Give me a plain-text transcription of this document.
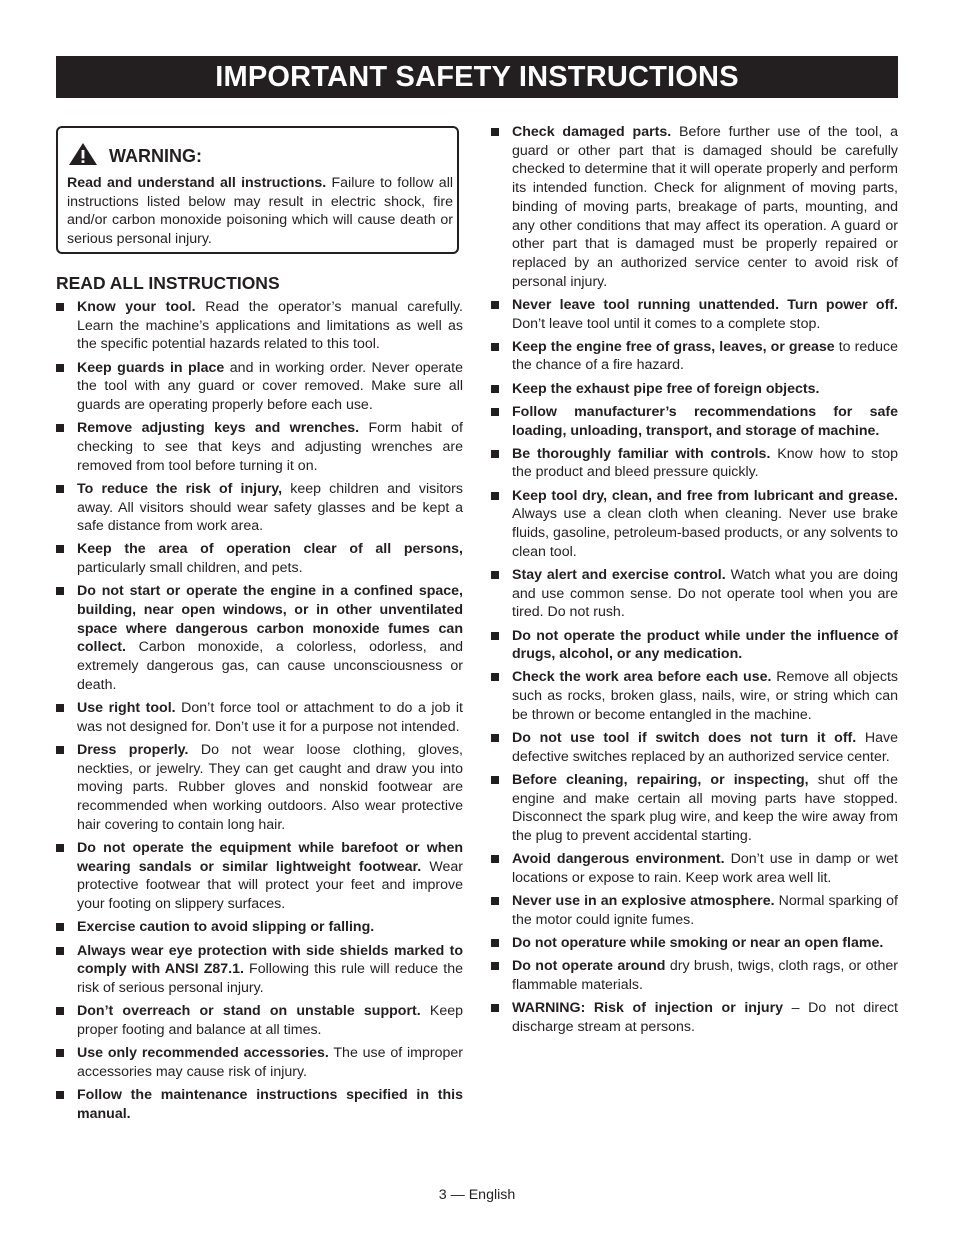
IMPORTANT SAFETY INSTRUCTIONS
WARNING:
Read and understand all instructions. Failure to follow all instructions listed below may result in electric shock, fire and/or carbon monoxide poisoning which will cause death or serious personal injury.
READ ALL INSTRUCTIONS
Know your tool. Read the operator’s manual carefully. Learn the machine’s applications and limitations as well as the specific potential hazards related to this tool.
Keep guards in place and in working order. Never operate the tool with any guard or cover removed. Make sure all guards are operating properly before each use.
Remove adjusting keys and wrenches. Form habit of checking to see that keys and adjusting wrenches are removed from tool before turning it on.
To reduce the risk of injury, keep children and visitors away. All visitors should wear safety glasses and be kept a safe distance from work area.
Keep the area of operation clear of all persons, particularly small children, and pets.
Do not start or operate the engine in a confined space, building, near open windows, or in other unventilated space where dangerous carbon monoxide fumes can collect. Carbon monoxide, a colorless, odorless, and extremely dangerous gas, can cause unconsciousness or death.
Use right tool. Don’t force tool or attachment to do a job it was not designed for. Don’t use it for a purpose not intended.
Dress properly. Do not wear loose clothing, gloves, neckties, or jewelry. They can get caught and draw you into moving parts. Rubber gloves and nonskid footwear are recommended when working outdoors. Also wear protective hair covering to contain long hair.
Do not operate the equipment while barefoot or when wearing sandals or similar lightweight footwear. Wear protective footwear that will protect your feet and improve your footing on slippery surfaces.
Exercise caution to avoid slipping or falling.
Always wear eye protection with side shields marked to comply with ANSI Z87.1. Following this rule will reduce the risk of serious personal injury.
Don’t overreach or stand on unstable support. Keep proper footing and balance at all times.
Use only recommended accessories. The use of improper accessories may cause risk of injury.
Follow the maintenance instructions specified in this manual.
Check damaged parts. Before further use of the tool, a guard or other part that is damaged should be carefully checked to determine that it will operate properly and perform its intended function. Check for alignment of moving parts, binding of moving parts, breakage of parts, mounting, and any other conditions that may affect its operation. A guard or other part that is damaged must be properly repaired or replaced by an authorized service center to avoid risk of personal injury.
Never leave tool running unattended. Turn power off. Don’t leave tool until it comes to a complete stop.
Keep the engine free of grass, leaves, or grease to reduce the chance of a fire hazard.
Keep the exhaust pipe free of foreign objects.
Follow manufacturer’s recommendations for safe loading, unloading, transport, and storage of machine.
Be thoroughly familiar with controls. Know how to stop the product and bleed pressure quickly.
Keep tool dry, clean, and free from lubricant and grease. Always use a clean cloth when cleaning. Never use brake fluids, gasoline, petroleum-based products, or any solvents to clean tool.
Stay alert and exercise control. Watch what you are doing and use common sense. Do not operate tool when you are tired. Do not rush.
Do not operate the product while under the influence of drugs, alcohol, or any medication.
Check the work area before each use. Remove all objects such as rocks, broken glass, nails, wire, or string which can be thrown or become entangled in the machine.
Do not use tool if switch does not turn it off. Have defective switches replaced by an authorized service center.
Before cleaning, repairing, or inspecting, shut off the engine and make certain all moving parts have stopped. Disconnect the spark plug wire, and keep the wire away from the plug to prevent accidental starting.
Avoid dangerous environment. Don’t use in damp or wet locations or expose to rain. Keep work area well lit.
Never use in an explosive atmosphere. Normal sparking of the motor could ignite fumes.
Do not operature while smoking or near an open flame.
Do not operate around dry brush, twigs, cloth rags, or other flammable materials.
WARNING: Risk of injection or injury – Do not direct discharge stream at persons.
3 — English
